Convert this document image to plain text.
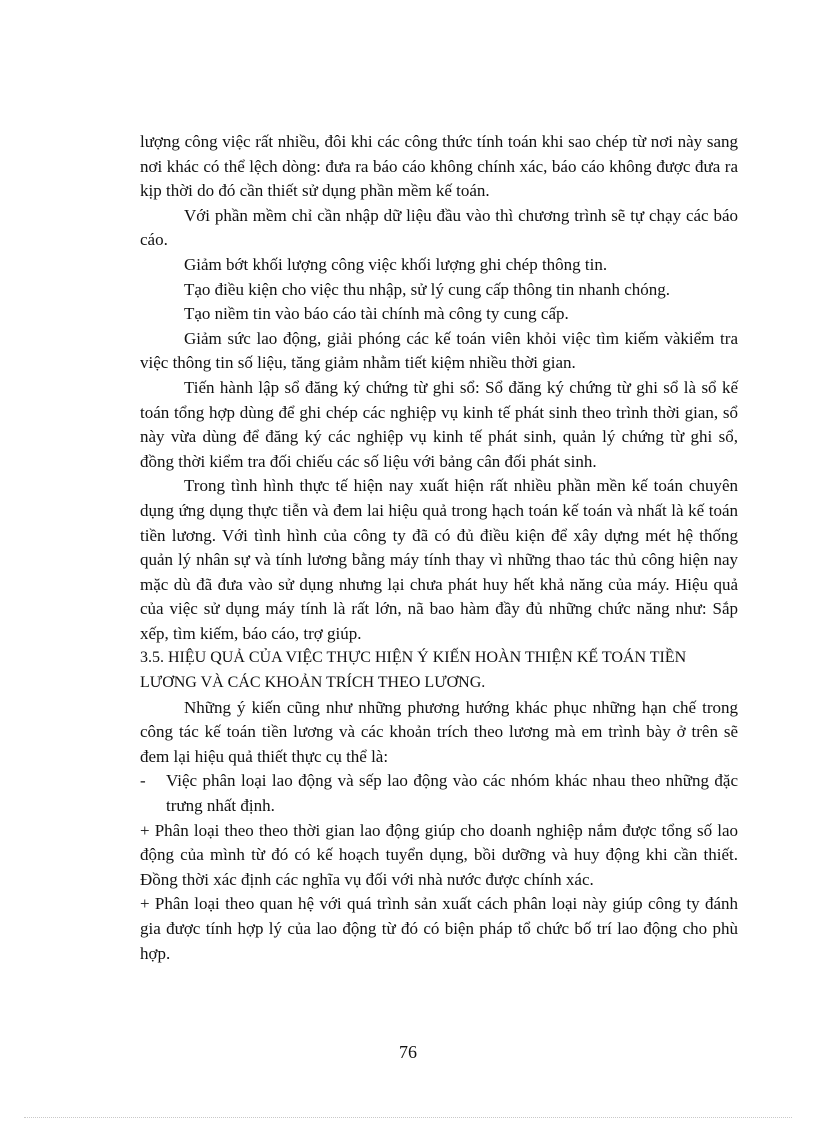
lượng công việc rất nhiều, đôi khi các công thức tính toán khi sao chép từ nơi này sang nơi khác có thể lệch dòng: đưa ra báo cáo không chính xác, báo cáo không được đưa ra kịp thời do đó cần thiết sử dụng phần mềm kế toán.

Với phần mềm chỉ cần nhập dữ liệu đầu vào thì chương trình sẽ tự chạy các báo cáo.

Giảm bớt khối lượng công việc khối lượng ghi chép thông tin.

Tạo điều kiện cho việc thu nhập, sử lý cung cấp thông tin nhanh chóng.

Tạo niềm tin vào báo cáo tài chính mà công ty cung cấp.

Giảm sức lao động, giải phóng các kế toán viên khỏi việc tìm kiếm vàkiểm tra việc thông tin số liệu, tăng giảm nhằm tiết kiệm nhiều thời gian.

Tiến hành lập sổ đăng ký chứng từ ghi sổ: Sổ đăng ký chứng từ ghi sổ là sổ kế toán tổng hợp dùng để ghi chép các nghiệp vụ kinh tế phát sinh theo trình thời gian, sổ này vừa dùng để đăng ký các nghiệp vụ kinh tế phát sinh, quản lý chứng từ ghi sổ, đồng thời kiểm tra đối chiếu các số liệu với bảng cân đối phát sinh.

Trong tình hình thực tế hiện nay xuất hiện rất nhiều phần mền kế toán chuyên dụng ứng dụng thực tiễn và đem lai hiệu quả trong hạch toán kế toán và nhất là kế toán tiền lương. Với tình hình của công ty đã có đủ điều kiện để xây dựng mét hệ thống quản lý nhân sự và tính lương bằng máy tính thay vì những thao tác thủ công hiện nay mặc dù đã đưa vào sử dụng nhưng lại chưa phát huy hết khả năng của máy. Hiệu quả của việc sử dụng máy tính là rất lớn, nã bao hàm đầy đủ những chức năng như: Sắp xếp, tìm kiếm, báo cáo, trợ giúp.

3.5. HIỆU QUẢ CỦA VIỆC THỰC HIỆN Ý KIẾN HOÀN THIỆN KẾ TOÁN TIỀN LƯƠNG VÀ CÁC KHOẢN TRÍCH THEO LƯƠNG.

Những ý kiến cũng như những phương hướng khác phục những hạn chế trong công tác kế toán tiền lương và các khoản trích theo lương mà em trình bày ở trên sẽ đem lại hiệu quả thiết thực cụ thể là:

-	Việc phân loại lao động và sếp lao động vào các nhóm khác nhau theo những đặc trưng nhất định.

+ Phân loại theo theo thời gian lao động giúp cho doanh nghiệp nắm được tổng số lao động của mình từ đó có kế hoạch tuyển dụng, bồi dưỡng và huy động khi cần thiết. Đồng thời xác định các nghĩa vụ đối với nhà nước được chính xác.

+ Phân loại theo quan hệ với quá trình sản xuất cách phân loại này giúp công ty đánh gia được tính hợp lý của lao động từ đó có biện pháp tổ chức bố trí lao động cho phù hợp.

76
